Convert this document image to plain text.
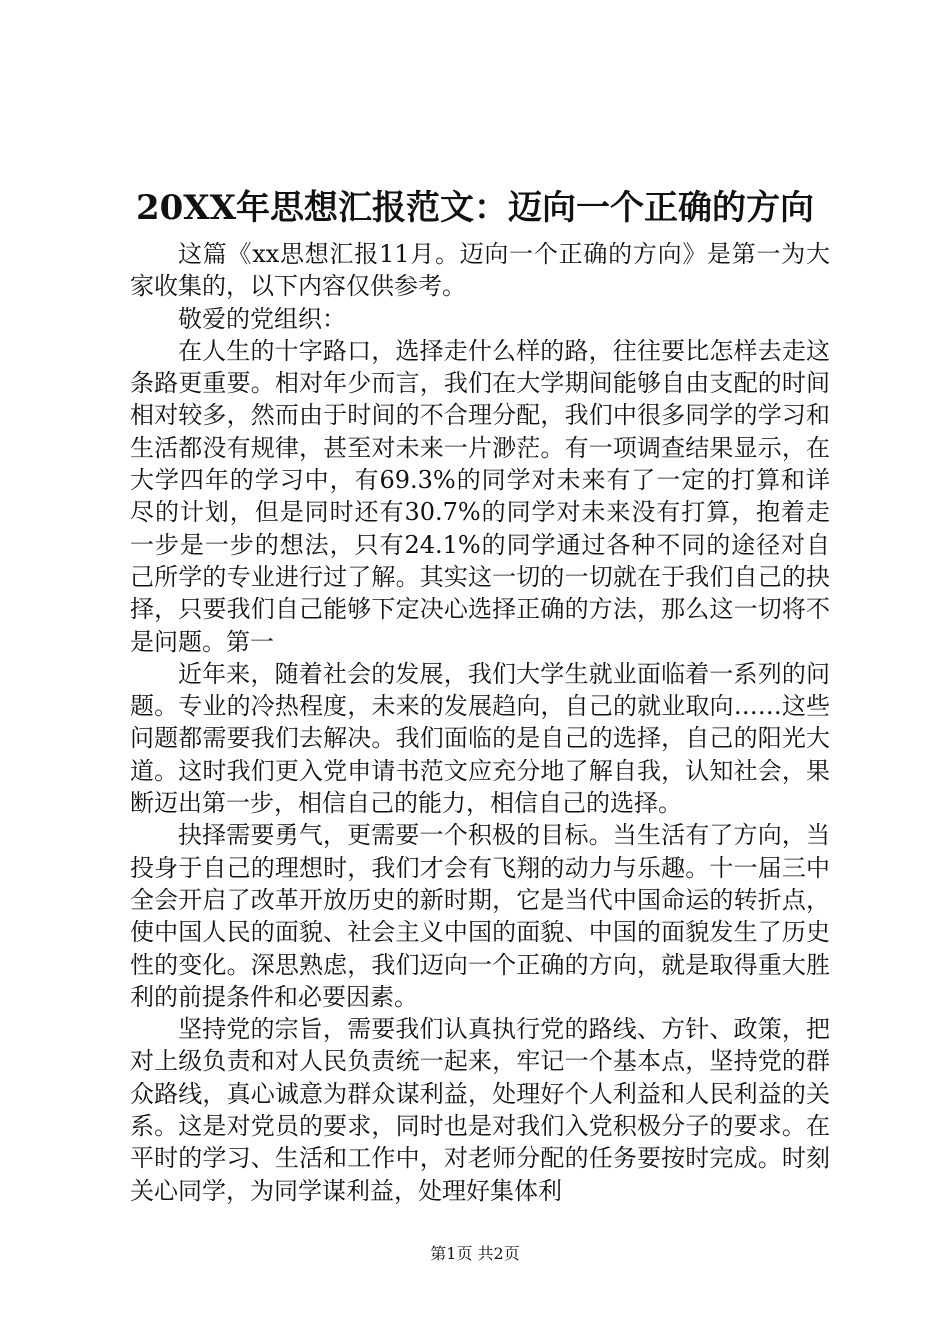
20XX年思想汇报范文：迈向一个正确的方向

这篇《xx思想汇报11月。迈向一个正确的方向》是第一为大家收集的，以下内容仅供参考。

敬爱的党组织：

在人生的十字路口，选择走什么样的路，往往要比怎样去走这条路更重要。相对年少而言，我们在大学期间能够自由支配的时间相对较多，然而由于时间的不合理分配，我们中很多同学的学习和生活都没有规律，甚至对未来一片渺茫。有一项调查结果显示，在大学四年的学习中，有69.3%的同学对未来有了一定的打算和详尽的计划，但是同时还有30.7%的同学对未来没有打算，抱着走一步是一步的想法，只有24.1%的同学通过各种不同的途径对自己所学的专业进行过了解。其实这一切的一切就在于我们自己的抉择，只要我们自己能够下定决心选择正确的方法，那么这一切将不是问题。第一

近年来，随着社会的发展，我们大学生就业面临着一系列的问题。专业的冷热程度，未来的发展趋向，自己的就业取向……这些问题都需要我们去解决。我们面临的是自己的选择，自己的阳光大道。这时我们更入党申请书范文应充分地了解自我，认知社会，果断迈出第一步，相信自己的能力，相信自己的选择。

抉择需要勇气，更需要一个积极的目标。当生活有了方向，当投身于自己的理想时，我们才会有飞翔的动力与乐趣。十一届三中全会开启了改革开放历史的新时期，它是当代中国命运的转折点，使中国人民的面貌、社会主义中国的面貌、中国的面貌发生了历史性的变化。深思熟虑，我们迈向一个正确的方向，就是取得重大胜利的前提条件和必要因素。

坚持党的宗旨，需要我们认真执行党的路线、方针、政策，把对上级负责和对人民负责统一起来，牢记一个基本点，坚持党的群众路线，真心诚意为群众谋利益，处理好个人利益和人民利益的关系。这是对党员的要求，同时也是对我们入党积极分子的要求。在平时的学习、生活和工作中，对老师分配的任务要按时完成。时刻关心同学，为同学谋利益，处理好集体利

第1页 共2页
